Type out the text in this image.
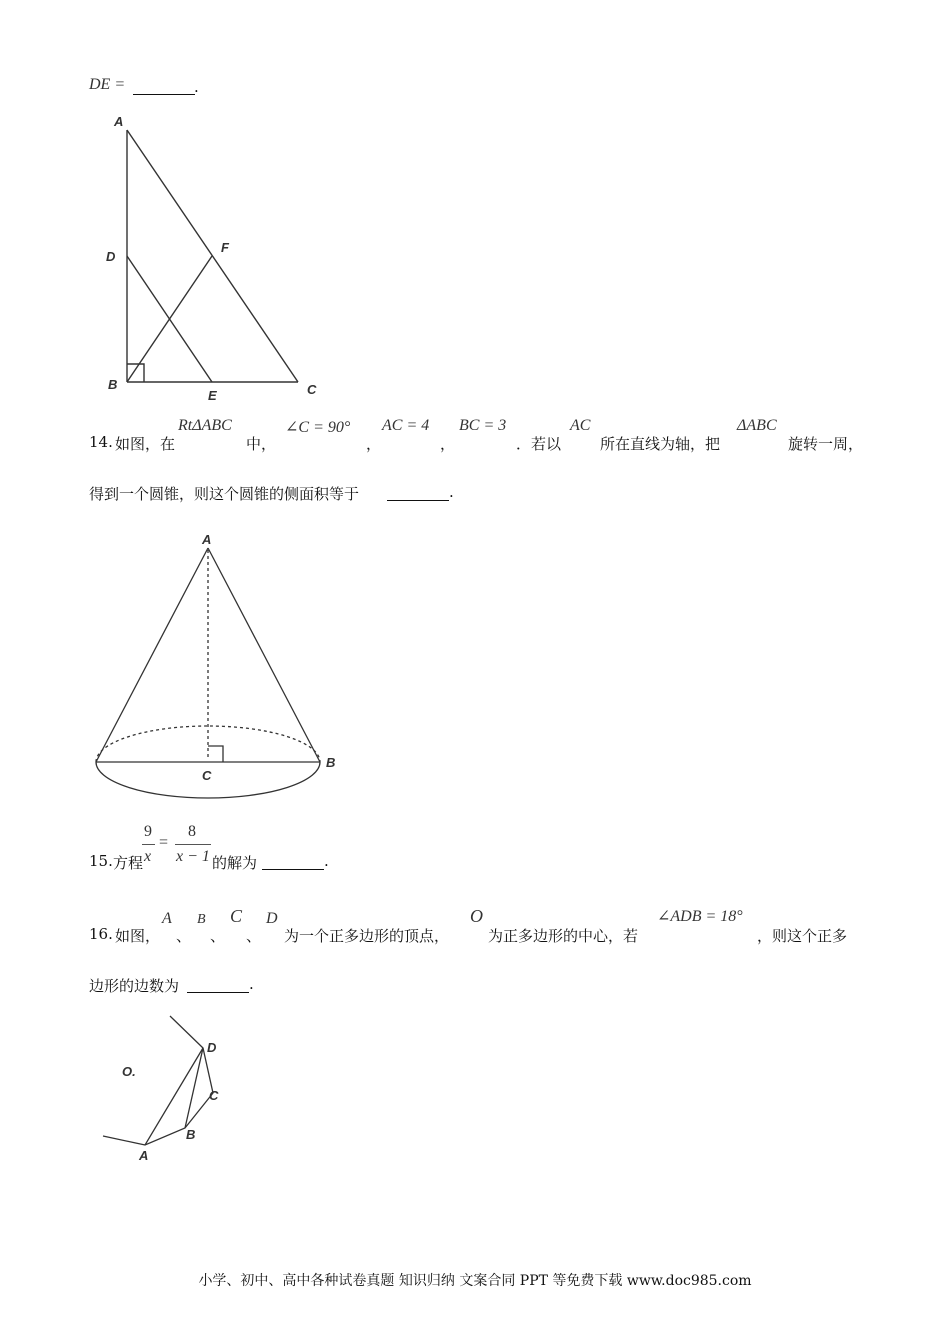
DE =	.
A
D
F
B
E	C
14. 如图，在
RtΔABC
中，
∠C = 90°
，
AC = 4
，
BC = 3
．若以
AC
所在直线为轴，把
ΔABC
旋转一周，
得到一个圆锥，则这个圆锥的侧面积等于	.
A
B
C
15. 方程
9
x
=
8
x − 1 的解为	.
16. 如图，
A
、
B
、
C
、
D
为一个正多边形的顶点，
O
为正多边形的中心，若
∠ADB = 18°
，则这个正多
边形的边数为	.
O.
D
C
B
A
小学、初中、高中各种试卷真题 知识归纳 文案合同 PPT 等免费下载 www.doc985.com
